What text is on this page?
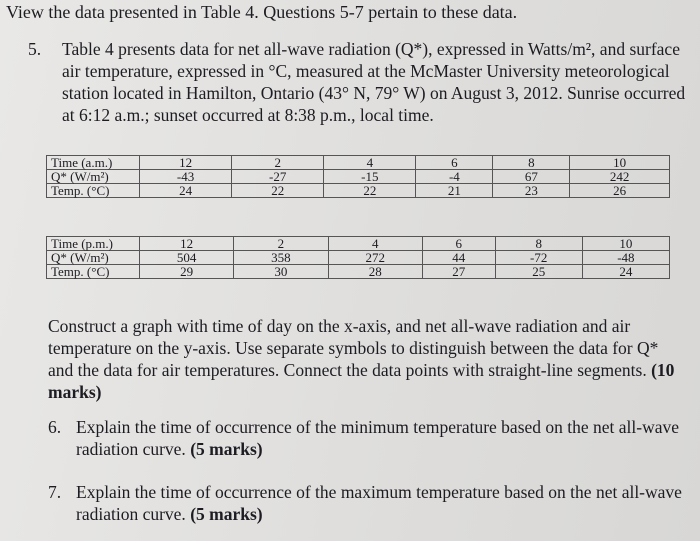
View the data presented in Table 4. Questions 5-7 pertain to these data.
5. Table 4 presents data for net all-wave radiation (Q*), expressed in Watts/m², and surface air temperature, expressed in °C, measured at the McMaster University meteorological station located in Hamilton, Ontario (43° N, 79° W) on August 3, 2012. Sunrise occurred at 6:12 a.m.; sunset occurred at 8:38 p.m., local time.
Time (a.m.)	12	2	4	6	8	10
Q* (W/m²)	-43	-27	-15	-4	67	242
Temp. (°C)	24	22	22	21	23	26
Time (p.m.)	12	2	4	6	8	10
Q* (W/m²)	504	358	272	44	-72	-48
Temp. (°C)	29	30	28	27	25	24
Construct a graph with time of day on the x-axis, and net all-wave radiation and air temperature on the y-axis. Use separate symbols to distinguish between the data for Q* and the data for air temperatures. Connect the data points with straight-line segments. (10 marks)
6. Explain the time of occurrence of the minimum temperature based on the net all-wave radiation curve. (5 marks)
7. Explain the time of occurrence of the maximum temperature based on the net all-wave radiation curve. (5 marks)
